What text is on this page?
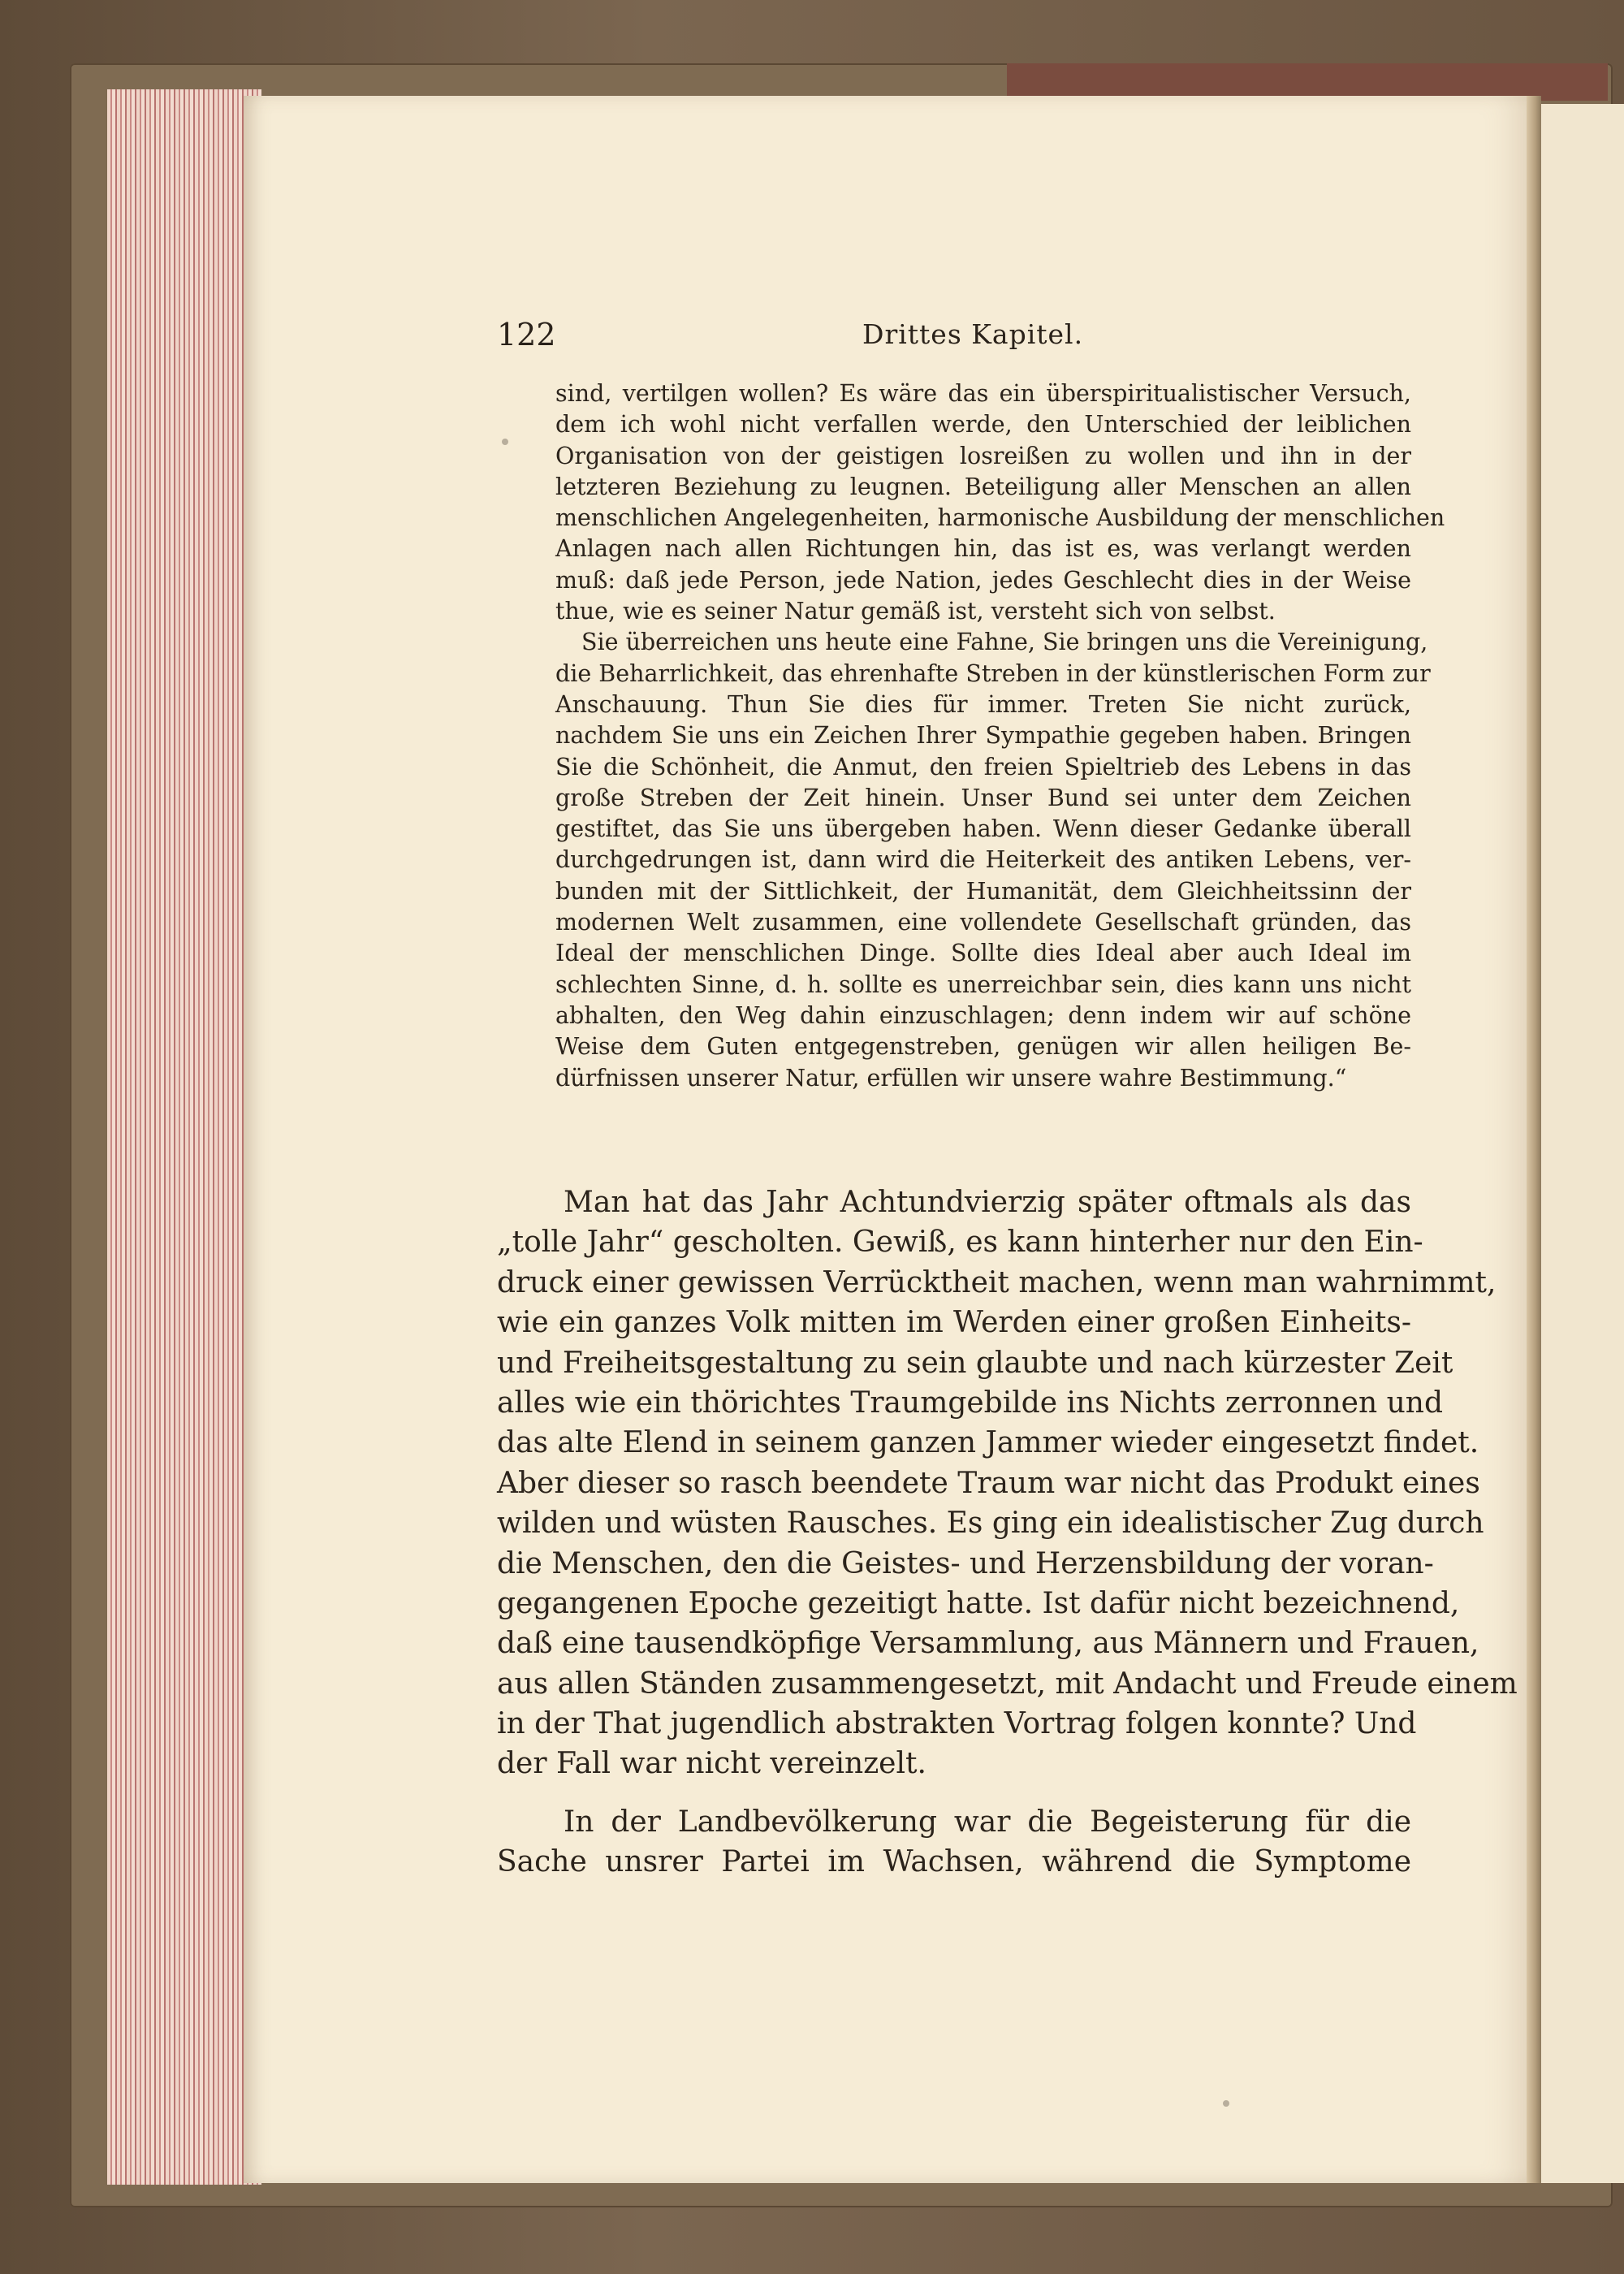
122	Drittes Kapitel.
sind, vertilgen wollen? Es wäre das ein überspiritualistischer Versuch,
dem ich wohl nicht verfallen werde, den Unterschied der leiblichen
Organisation von der geistigen losreißen zu wollen und ihn in der
letzteren Beziehung zu leugnen. Beteiligung aller Menschen an allen
menschlichen Angelegenheiten, harmonische Ausbildung der menschlichen
Anlagen nach allen Richtungen hin, das ist es, was verlangt werden
muß: daß jede Person, jede Nation, jedes Geschlecht dies in der Weise
thue, wie es seiner Natur gemäß ist, versteht sich von selbst.
Sie überreichen uns heute eine Fahne, Sie bringen uns die Vereinigung,
die Beharrlichkeit, das ehrenhafte Streben in der künstlerischen Form zur
Anschauung. Thun Sie dies für immer. Treten Sie nicht zurück,
nachdem Sie uns ein Zeichen Ihrer Sympathie gegeben haben. Bringen
Sie die Schönheit, die Anmut, den freien Spieltrieb des Lebens in das
große Streben der Zeit hinein. Unser Bund sei unter dem Zeichen
gestiftet, das Sie uns übergeben haben. Wenn dieser Gedanke überall
durchgedrungen ist, dann wird die Heiterkeit des antiken Lebens, ver-
bunden mit der Sittlichkeit, der Humanität, dem Gleichheitssinn der
modernen Welt zusammen, eine vollendete Gesellschaft gründen, das
Ideal der menschlichen Dinge. Sollte dies Ideal aber auch Ideal im
schlechten Sinne, d. h. sollte es unerreichbar sein, dies kann uns nicht
abhalten, den Weg dahin einzuschlagen; denn indem wir auf schöne
Weise dem Guten entgegenstreben, genügen wir allen heiligen Be-
dürfnissen unserer Natur, erfüllen wir unsere wahre Bestimmung.“
Man hat das Jahr Achtundvierzig später oftmals als das
„tolle Jahr“ gescholten. Gewiß, es kann hinterher nur den Ein-
druck einer gewissen Verrücktheit machen, wenn man wahrnimmt,
wie ein ganzes Volk mitten im Werden einer großen Einheits-
und Freiheitsgestaltung zu sein glaubte und nach kürzester Zeit
alles wie ein thörichtes Traumgebilde ins Nichts zerronnen und
das alte Elend in seinem ganzen Jammer wieder eingesetzt findet.
Aber dieser so rasch beendete Traum war nicht das Produkt eines
wilden und wüsten Rausches. Es ging ein idealistischer Zug durch
die Menschen, den die Geistes- und Herzensbildung der voran-
gegangenen Epoche gezeitigt hatte. Ist dafür nicht bezeichnend,
daß eine tausendköpfige Versammlung, aus Männern und Frauen,
aus allen Ständen zusammengesetzt, mit Andacht und Freude einem
in der That jugendlich abstrakten Vortrag folgen konnte? Und
der Fall war nicht vereinzelt.
In der Landbevölkerung war die Begeisterung für die
Sache unsrer Partei im Wachsen, während die Symptome
